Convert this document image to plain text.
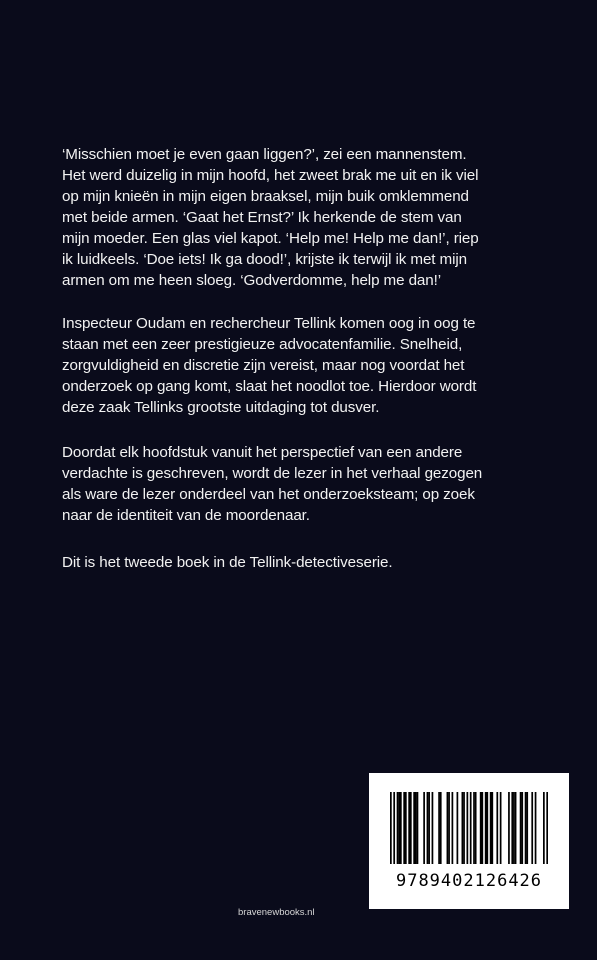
‘Misschien moet je even gaan liggen?’, zei een mannenstem.
Het werd duizelig in mijn hoofd, het zweet brak me uit en ik viel
op mijn knieën in mijn eigen braaksel, mijn buik omklemmend
met beide armen. ‘Gaat het Ernst?’ Ik herkende de stem van
mijn moeder. Een glas viel kapot. ‘Help me! Help me dan!’, riep
ik luidkeels. ‘Doe iets! Ik ga dood!’, krijste ik terwijl ik met mijn
armen om me heen sloeg. ‘Godverdomme, help me dan!’

Inspecteur Oudam en rechercheur Tellink komen oog in oog te
staan met een zeer prestigieuze advocatenfamilie. Snelheid,
zorgvuldigheid en discretie zijn vereist, maar nog voordat het
onderzoek op gang komt, slaat het noodlot toe. Hierdoor wordt
deze zaak Tellinks grootste uitdaging tot dusver.

Doordat elk hoofdstuk vanuit het perspectief van een andere
verdachte is geschreven, wordt de lezer in het verhaal gezogen
als ware de lezer onderdeel van het onderzoeksteam; op zoek
naar de identiteit van de moordenaar.

Dit is het tweede boek in de Tellink-detectiveserie.

9789402126426
bravenewbooks.nl
